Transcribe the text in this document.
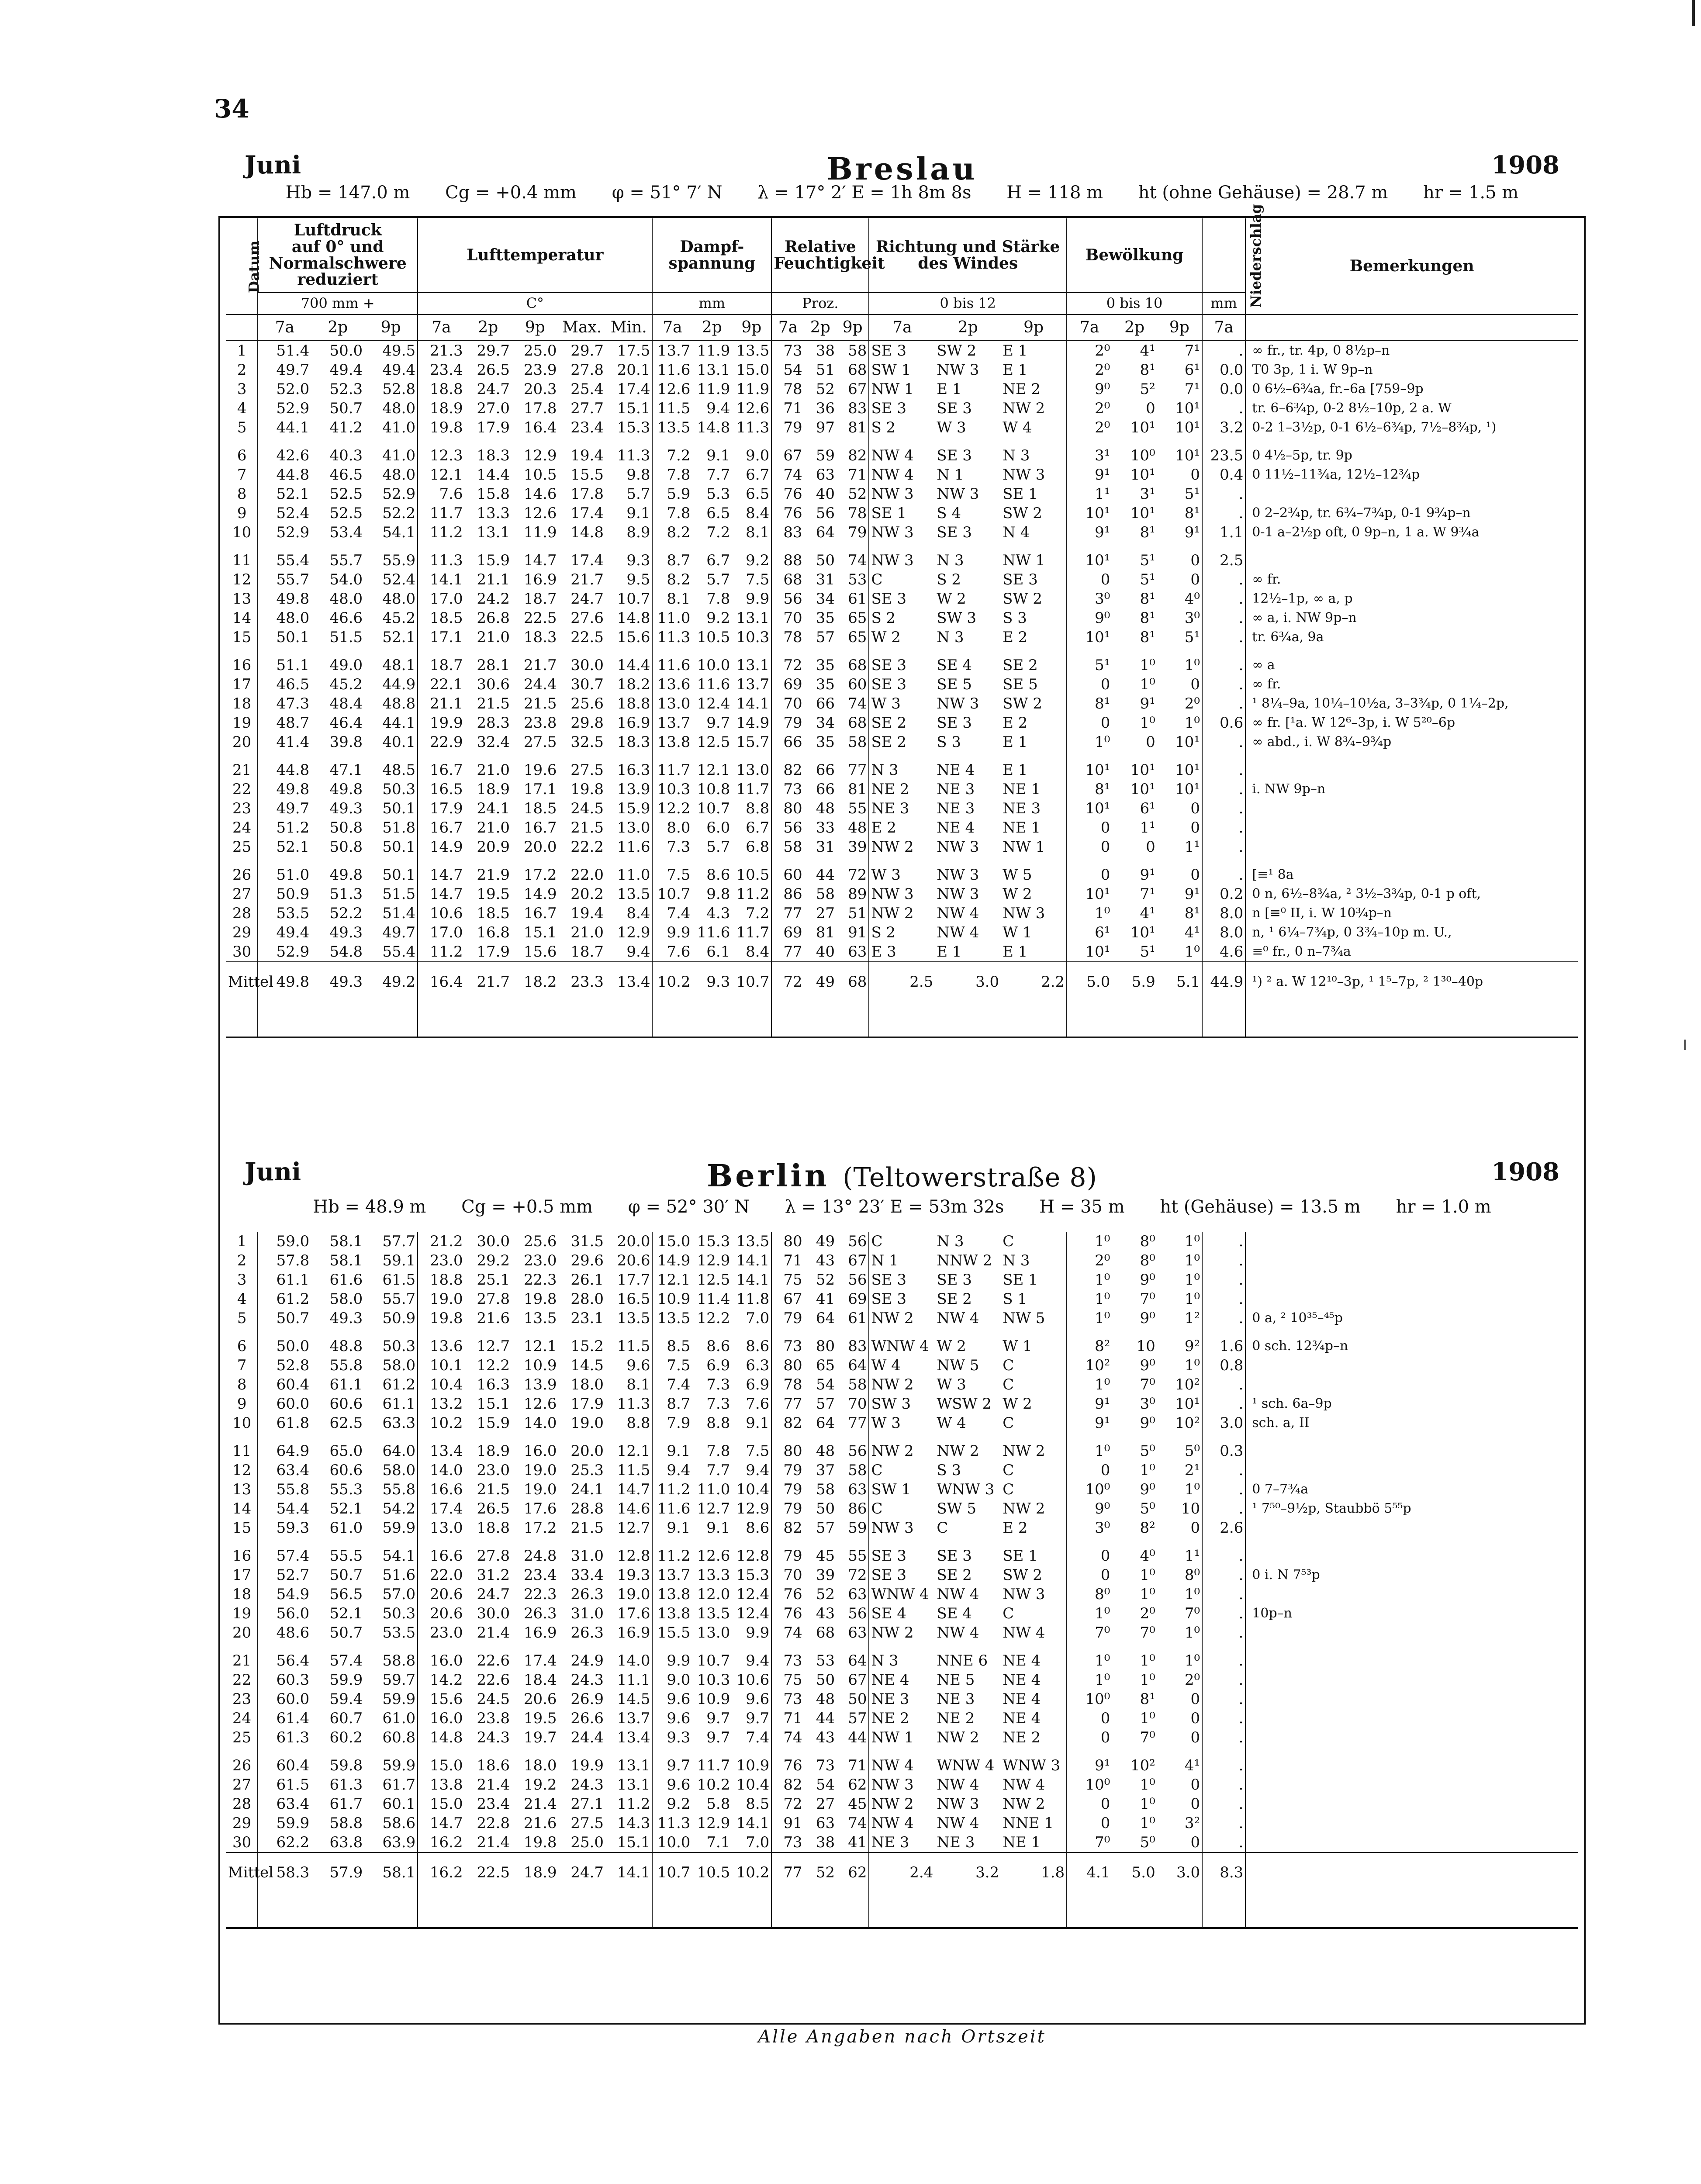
34
Juni	Breslau	1908
Hb = 147.0 m Cg = +0.4 mm φ = 51° 7′ N λ = 17° 2′ E = 1h 8m 8s H = 118 m ht (ohne Gehäuse) = 28.7 m hr = 1.5 m
Datum	Luftdruck
auf 0° und Normalschwere reduziert			Lufttemperatur					Dampf-spannung			Relative Feuchtigkeit			Richtung und Stärke des Windes			Bewölkung			Niederschlag	Bemerkungen
	700 mm +			C°					mm			Proz.			0 bis 12			0 bis 10			mm	
	7a	2p	9p	7a	2p	9p	Max.	Min.	7a	2p	9p	7a	2p	9p	7a	2p	9p	7a	2p	9p	7a	
1	51.4	50.0	49.5	21.3	29.7	25.0	29.7	17.5	13.7	11.9	13.5	73	38	58	SE 3	SW 2	E 1	2⁰	4¹	7¹	.	∞ fr., tr. 4p, 0 8½p–n
2	49.7	49.4	49.4	23.4	26.5	23.9	27.8	20.1	11.6	13.1	15.0	54	51	68	SW 1	NW 3	E 1	2⁰	8¹	6¹	0.0	T0 3p, 1 i. W 9p–n
3	52.0	52.3	52.8	18.8	24.7	20.3	25.4	17.4	12.6	11.9	11.9	78	52	67	NW 1	E 1	NE 2	9⁰	5²	7¹	0.0	0 6½–6¾a, fr.–6a [759–9p
4	52.9	50.7	48.0	18.9	27.0	17.8	27.7	15.1	11.5	9.4	12.6	71	36	83	SE 3	SE 3	NW 2	2⁰	0	10¹	.	tr. 6–6¾p, 0-2 8½–10p, 2 a. W
5	44.1	41.2	41.0	19.8	17.9	16.4	23.4	15.3	13.5	14.8	11.3	79	97	81	S 2	W 3	W 4	2⁰	10¹	10¹	3.2	0-2 1–3½p, 0-1 6½–6¾p, 7½–8¾p, ¹)

6	42.6	40.3	41.0	12.3	18.3	12.9	19.4	11.3	7.2	9.1	9.0	67	59	82	NW 4	SE 3	N 3	3¹	10⁰	10¹	23.5	0 4½–5p, tr. 9p
7	44.8	46.5	48.0	12.1	14.4	10.5	15.5	9.8	7.8	7.7	6.7	74	63	71	NW 4	N 1	NW 3	9¹	10¹	0	0.4	0 11½–11¾a, 12½–12¾p
8	52.1	52.5	52.9	7.6	15.8	14.6	17.8	5.7	5.9	5.3	6.5	76	40	52	NW 3	NW 3	SE 1	1¹	3¹	5¹	.	
9	52.4	52.5	52.2	11.7	13.3	12.6	17.4	9.1	7.8	6.5	8.4	76	56	78	SE 1	S 4	SW 2	10¹	10¹	8¹	.	0 2–2¾p, tr. 6¾–7¾p, 0-1 9¾p–n
10	52.9	53.4	54.1	11.2	13.1	11.9	14.8	8.9	8.2	7.2	8.1	83	64	79	NW 3	SE 3	N 4	9¹	8¹	9¹	1.1	0-1 a–2½p oft, 0 9p–n, 1 a. W 9¾a

11	55.4	55.7	55.9	11.3	15.9	14.7	17.4	9.3	8.7	6.7	9.2	88	50	74	NW 3	N 3	NW 1	10¹	5¹	0	2.5	
12	55.7	54.0	52.4	14.1	21.1	16.9	21.7	9.5	8.2	5.7	7.5	68	31	53	C	S 2	SE 3	0	5¹	0	.	∞ fr.
13	49.8	48.0	48.0	17.0	24.2	18.7	24.7	10.7	8.1	7.8	9.9	56	34	61	SE 3	W 2	SW 2	3⁰	8¹	4⁰	.	12½–1p, ∞ a, p
14	48.0	46.6	45.2	18.5	26.8	22.5	27.6	14.8	11.0	9.2	13.1	70	35	65	S 2	SW 3	S 3	9⁰	8¹	3⁰	.	∞ a, i. NW 9p–n
15	50.1	51.5	52.1	17.1	21.0	18.3	22.5	15.6	11.3	10.5	10.3	78	57	65	W 2	N 3	E 2	10¹	8¹	5¹	.	tr. 6¾a, 9a

16	51.1	49.0	48.1	18.7	28.1	21.7	30.0	14.4	11.6	10.0	13.1	72	35	68	SE 3	SE 4	SE 2	5¹	1⁰	1⁰	.	∞ a
17	46.5	45.2	44.9	22.1	30.6	24.4	30.7	18.2	13.6	11.6	13.7	69	35	60	SE 3	SE 5	SE 5	0	1⁰	0	.	∞ fr.
18	47.3	48.4	48.8	21.1	21.5	21.5	25.6	18.8	13.0	12.4	14.1	70	66	74	W 3	NW 3	SW 2	8¹	9¹	2⁰	.	¹ 8¼–9a, 10¼–10½a, 3–3¾p, 0 1¼–2p,
19	48.7	46.4	44.1	19.9	28.3	23.8	29.8	16.9	13.7	9.7	14.9	79	34	68	SE 2	SE 3	E 2	0	1⁰	1⁰	0.6	∞ fr. [¹a. W 12⁶–3p, i. W 5²⁰–6p
20	41.4	39.8	40.1	22.9	32.4	27.5	32.5	18.3	13.8	12.5	15.7	66	35	58	SE 2	S 3	E 1	1⁰	0	10¹	.	∞ abd., i. W 8¾–9¾p

21	44.8	47.1	48.5	16.7	21.0	19.6	27.5	16.3	11.7	12.1	13.0	82	66	77	N 3	NE 4	E 1	10¹	10¹	10¹	.	
22	49.8	49.8	50.3	16.5	18.9	17.1	19.8	13.9	10.3	10.8	11.7	73	66	81	NE 2	NE 3	NE 1	8¹	10¹	10¹	.	i. NW 9p–n
23	49.7	49.3	50.1	17.9	24.1	18.5	24.5	15.9	12.2	10.7	8.8	80	48	55	NE 3	NE 3	NE 3	10¹	6¹	0	.	
24	51.2	50.8	51.8	16.7	21.0	16.7	21.5	13.0	8.0	6.0	6.7	56	33	48	E 2	NE 4	NE 1	0	1¹	0	.	
25	52.1	50.8	50.1	14.9	20.9	20.0	22.2	11.6	7.3	5.7	6.8	58	31	39	NW 2	NW 3	NW 1	0	0	1¹	.	

26	51.0	49.8	50.1	14.7	21.9	17.2	22.0	11.0	7.5	8.6	10.5	60	44	72	W 3	NW 3	W 5	0	9¹	0	.	[≡¹ 8a
27	50.9	51.3	51.5	14.7	19.5	14.9	20.2	13.5	10.7	9.8	11.2	86	58	89	NW 3	NW 3	W 2	10¹	7¹	9¹	0.2	0 n, 6½–8¾a, ² 3½–3¾p, 0-1 p oft,
28	53.5	52.2	51.4	10.6	18.5	16.7	19.4	8.4	7.4	4.3	7.2	77	27	51	NW 2	NW 4	NW 3	1⁰	4¹	8¹	8.0	n [≡⁰ II, i. W 10¾p–n
29	49.4	49.3	49.7	17.0	16.8	15.1	21.0	12.9	9.9	11.6	11.7	69	81	91	S 2	NW 4	W 1	6¹	10¹	4¹	8.0	n, ¹ 6¼–7¾p, 0 3¾–10p m. U.,
30	52.9	54.8	55.4	11.2	17.9	15.6	18.7	9.4	7.6	6.1	8.4	77	40	63	E 3	E 1	E 1	10¹	5¹	1⁰	4.6	≡⁰ fr., 0 n–7¾a
Mittel	49.8	49.3	49.2	16.4	21.7	18.2	23.3	13.4	10.2	9.3	10.7	72	49	68	2.5	3.0	2.2	5.0	5.9	5.1	44.9	¹) ² a. W 12¹⁰–3p, ¹ 1⁵–7p, ² 1³⁰–40p

Juni	Berlin (Teltowerstraße 8)	1908
Hb = 48.9 m Cg = +0.5 mm φ = 52° 30′ N λ = 13° 23′ E = 53m 32s H = 35 m ht (Gehäuse) = 13.5 m hr = 1.0 m
1	59.0	58.1	57.7	21.2	30.0	25.6	31.5	20.0	15.0	15.3	13.5	80	49	56	C	N 3	C	1⁰	8⁰	1⁰	.	
2	57.8	58.1	59.1	23.0	29.2	23.0	29.6	20.6	14.9	12.9	14.1	71	43	67	N 1	NNW 2	N 3	2⁰	8⁰	1⁰	.	
3	61.1	61.6	61.5	18.8	25.1	22.3	26.1	17.7	12.1	12.5	14.1	75	52	56	SE 3	SE 3	SE 1	1⁰	9⁰	1⁰	.	
4	61.2	58.0	55.7	19.0	27.8	19.8	28.0	16.5	10.9	11.4	11.8	67	41	69	SE 3	SE 2	S 1	1⁰	7⁰	1⁰	.	
5	50.7	49.3	50.9	19.8	21.6	13.5	23.1	13.5	13.5	12.2	7.0	79	64	61	NW 2	NW 4	NW 5	1⁰	9⁰	1²	.	0 a, ² 10³⁵–⁴⁵p

6	50.0	48.8	50.3	13.6	12.7	12.1	15.2	11.5	8.5	8.6	8.6	73	80	83	WNW 4	W 2	W 1	8²	10	9²	1.6	0 sch. 12¾p–n
7	52.8	55.8	58.0	10.1	12.2	10.9	14.5	9.6	7.5	6.9	6.3	80	65	64	W 4	NW 5	C	10²	9⁰	1⁰	0.8	
8	60.4	61.1	61.2	10.4	16.3	13.9	18.0	8.1	7.4	7.3	6.9	78	54	58	NW 2	W 3	C	1⁰	7⁰	10²	.	
9	60.0	60.6	61.1	13.2	15.1	12.6	17.9	11.3	8.7	7.3	7.6	77	57	70	SW 3	WSW 2	W 2	9¹	3⁰	10¹	.	¹ sch. 6a–9p
10	61.8	62.5	63.3	10.2	15.9	14.0	19.0	8.8	7.9	8.8	9.1	82	64	77	W 3	W 4	C	9¹	9⁰	10²	3.0	sch. a, II

11	64.9	65.0	64.0	13.4	18.9	16.0	20.0	12.1	9.1	7.8	7.5	80	48	56	NW 2	NW 2	NW 2	1⁰	5⁰	5⁰	0.3	
12	63.4	60.6	58.0	14.0	23.0	19.0	25.3	11.5	9.4	7.7	9.4	79	37	58	C	S 3	C	0	1⁰	2¹	.	
13	55.8	55.3	55.8	16.6	21.5	19.0	24.1	14.7	11.2	11.0	10.4	79	58	63	SW 1	WNW 3	C	10⁰	9⁰	1⁰	.	0 7–7¾a
14	54.4	52.1	54.2	17.4	26.5	17.6	28.8	14.6	11.6	12.7	12.9	79	50	86	C	SW 5	NW 2	9⁰	5⁰	10	.	¹ 7⁵⁰–9½p, Staubbö 5⁵⁵p
15	59.3	61.0	59.9	13.0	18.8	17.2	21.5	12.7	9.1	9.1	8.6	82	57	59	NW 3	C	E 2	3⁰	8²	0	2.6	

16	57.4	55.5	54.1	16.6	27.8	24.8	31.0	12.8	11.2	12.6	12.8	79	45	55	SE 3	SE 3	SE 1	0	4⁰	1¹	.	
17	52.7	50.7	51.6	22.0	31.2	23.4	33.4	19.3	13.7	13.3	15.3	70	39	72	SE 3	SE 2	SW 2	0	1⁰	8⁰	.	0 i. N 7⁵³p
18	54.9	56.5	57.0	20.6	24.7	22.3	26.3	19.0	13.8	12.0	12.4	76	52	63	WNW 4	NW 4	NW 3	8⁰	1⁰	1⁰	.	
19	56.0	52.1	50.3	20.6	30.0	26.3	31.0	17.6	13.8	13.5	12.4	76	43	56	SE 4	SE 4	C	1⁰	2⁰	7⁰	.	10p–n
20	48.6	50.7	53.5	23.0	21.4	16.9	26.3	16.9	15.5	13.0	9.9	74	68	63	NW 2	NW 4	NW 4	7⁰	7⁰	1⁰	.	

21	56.4	57.4	58.8	16.0	22.6	17.4	24.9	14.0	9.9	10.7	9.4	73	53	64	N 3	NNE 6	NE 4	1⁰	1⁰	1⁰	.	
22	60.3	59.9	59.7	14.2	22.6	18.4	24.3	11.1	9.0	10.3	10.6	75	50	67	NE 4	NE 5	NE 4	1⁰	1⁰	2⁰	.	
23	60.0	59.4	59.9	15.6	24.5	20.6	26.9	14.5	9.6	10.9	9.6	73	48	50	NE 3	NE 3	NE 4	10⁰	8¹	0	.	
24	61.4	60.7	61.0	16.0	23.8	19.5	26.6	13.7	9.6	9.7	9.7	71	44	57	NE 2	NE 2	NE 4	0	1⁰	0	.	
25	61.3	60.2	60.8	14.8	24.3	19.7	24.4	13.4	9.3	9.7	7.4	74	43	44	NW 1	NW 2	NE 2	0	7⁰	0	.	

26	60.4	59.8	59.9	15.0	18.6	18.0	19.9	13.1	9.7	11.7	10.9	76	73	71	NW 4	WNW 4	WNW 3	9¹	10²	4¹	.	
27	61.5	61.3	61.7	13.8	21.4	19.2	24.3	13.1	9.6	10.2	10.4	82	54	62	NW 3	NW 4	NW 4	10⁰	1⁰	0	.	
28	63.4	61.7	60.1	15.0	23.4	21.4	27.1	11.2	9.2	5.8	8.5	72	27	45	NW 2	NW 3	NW 2	0	1⁰	0	.	
29	59.9	58.8	58.6	14.7	22.8	21.6	27.5	14.3	11.3	12.9	14.1	91	63	74	NW 4	NW 4	NNE 1	0	1⁰	3²	.	
30	62.2	63.8	63.9	16.2	21.4	19.8	25.0	15.1	10.0	7.1	7.0	73	38	41	NE 3	NE 3	NE 1	7⁰	5⁰	0	.	
Mittel	58.3	57.9	58.1	16.2	22.5	18.9	24.7	14.1	10.7	10.5	10.2	77	52	62	2.4	3.2	1.8	4.1	5.0	3.0	8.3	

Alle Angaben nach Ortszeit
